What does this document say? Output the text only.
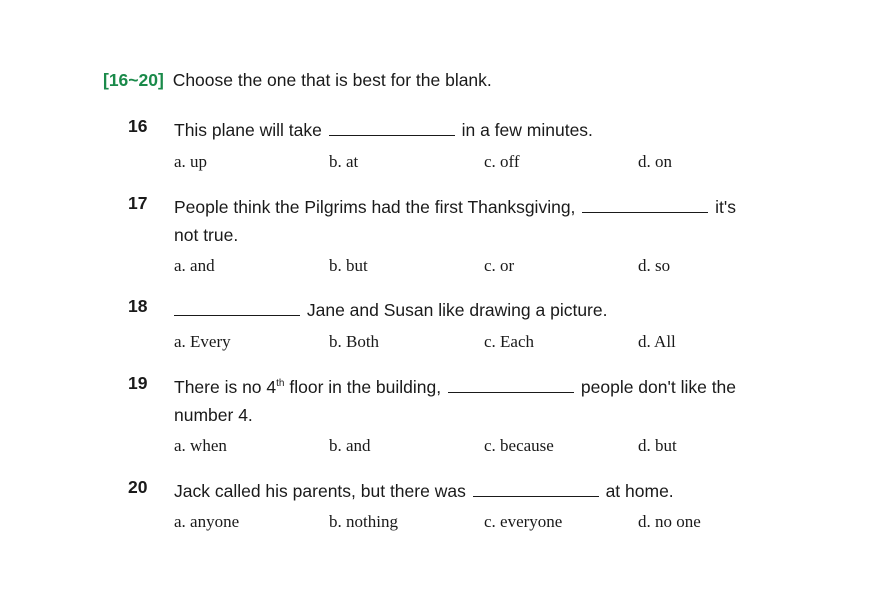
[16~20] Choose the one that is best for the blank.
16 This plane will take	in a few minutes.
a. up	b. at	c. off	d. on
17 People think the Pilgrims had the first Thanksgiving,	it's
not true.
a. and	b. but	c. or	d. so
18	Jane and Susan like drawing a picture.
a. Every	b. Both	c. Each	d. All
19 There is no 4th floor in the building,	people don't like the
number 4.
a. when	b. and	c. because	d. but
20 Jack called his parents, but there was	at home.
a. anyone	b. nothing	c. everyone	d. no one
